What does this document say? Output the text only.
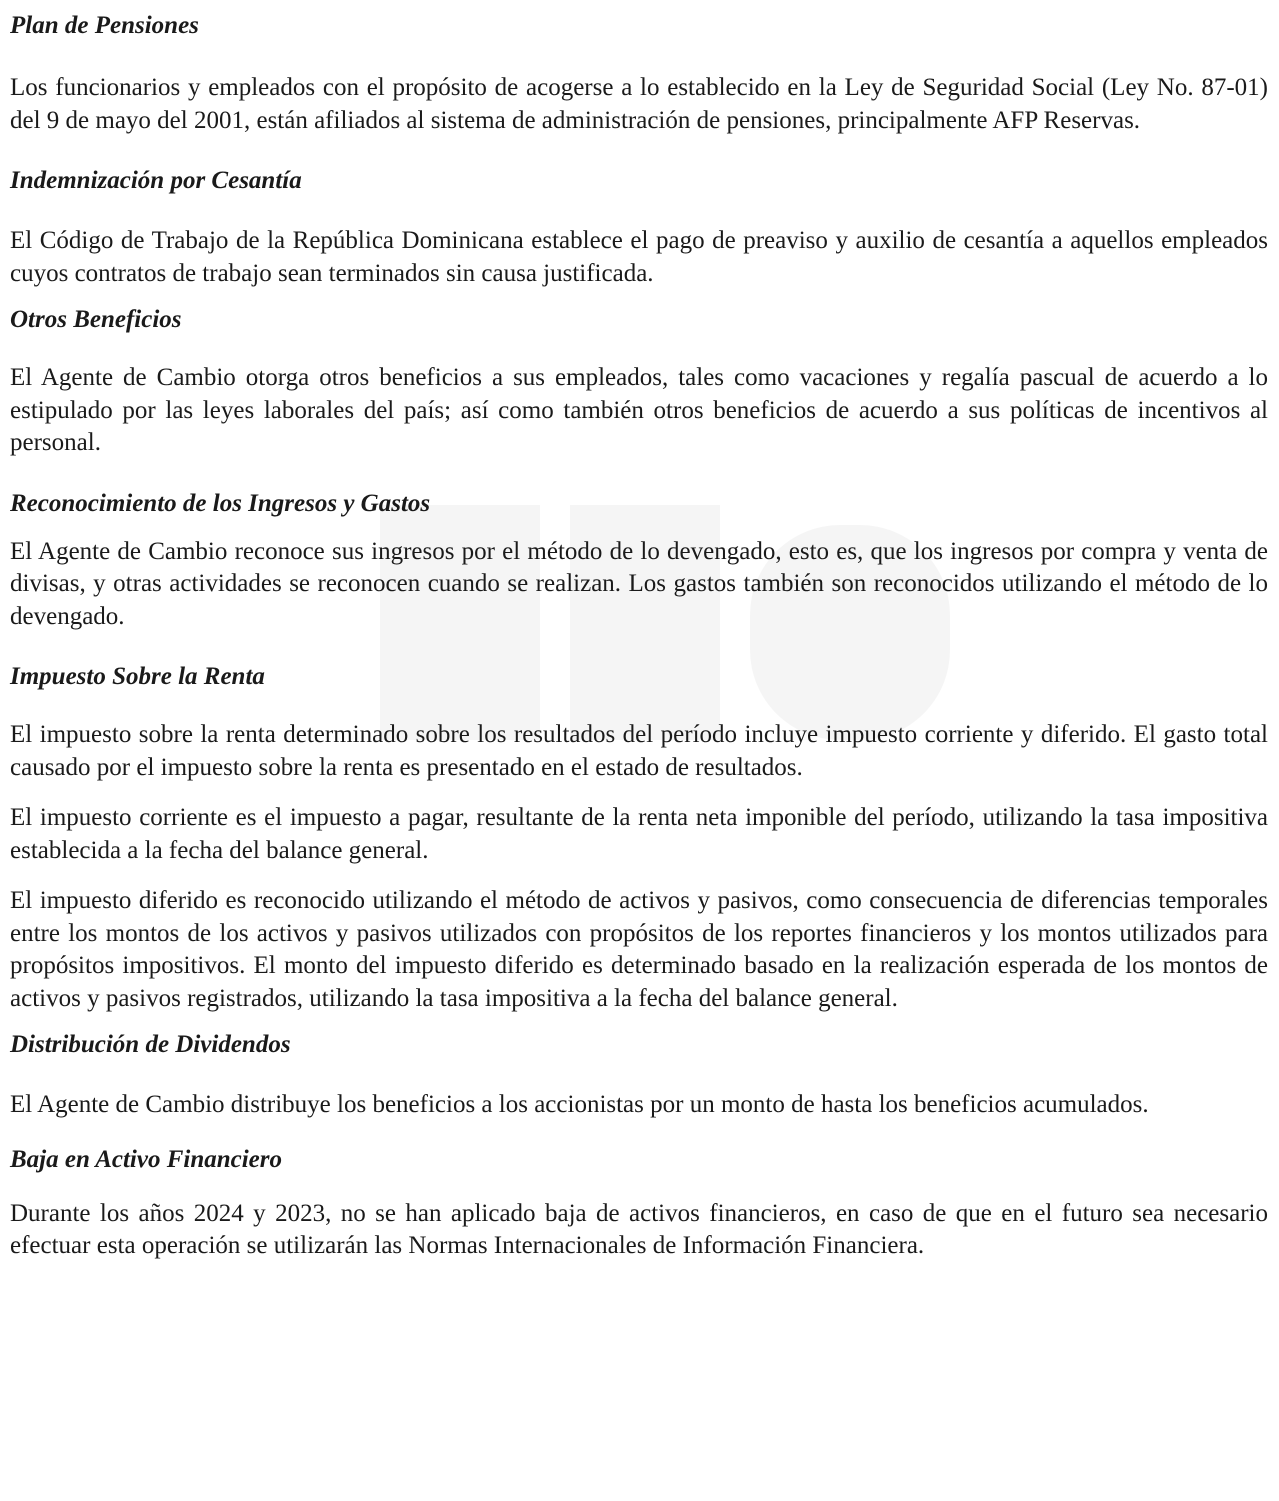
Plan de Pensiones

Los funcionarios y empleados con el propósito de acogerse a lo establecido en la Ley de Seguridad Social (Ley No. 87-01) del 9 de mayo del 2001, están afiliados al sistema de administración de pensiones, principalmente AFP Reservas.

Indemnización por Cesantía

El Código de Trabajo de la República Dominicana establece el pago de preaviso y auxilio de cesantía a aquellos empleados cuyos contratos de trabajo sean terminados sin causa justificada.

Otros Beneficios

El Agente de Cambio otorga otros beneficios a sus empleados, tales como vacaciones y regalía pascual de acuerdo a lo estipulado por las leyes laborales del país; así como también otros beneficios de acuerdo a sus políticas de incentivos al personal.

Reconocimiento de los Ingresos y Gastos

El Agente de Cambio reconoce sus ingresos por el método de lo devengado, esto es, que los ingresos por compra y venta de divisas, y otras actividades se reconocen cuando se realizan. Los gastos también son reconocidos utilizando el método de lo devengado.

Impuesto Sobre la Renta

El impuesto sobre la renta determinado sobre los resultados del período incluye impuesto corriente y diferido. El gasto total causado por el impuesto sobre la renta es presentado en el estado de resultados.

El impuesto corriente es el impuesto a pagar, resultante de la renta neta imponible del período, utilizando la tasa impositiva establecida a la fecha del balance general.

El impuesto diferido es reconocido utilizando el método de activos y pasivos, como consecuencia de diferencias temporales entre los montos de los activos y pasivos utilizados con propósitos de los reportes financieros y los montos utilizados para propósitos impositivos. El monto del impuesto diferido es determinado basado en la realización esperada de los montos de activos y pasivos registrados, utilizando la tasa impositiva a la fecha del balance general.

Distribución de Dividendos

El Agente de Cambio distribuye los beneficios a los accionistas por un monto de hasta los beneficios acumulados.

Baja en Activo Financiero

Durante los años 2024 y 2023, no se han aplicado baja de activos financieros, en caso de que en el futuro sea necesario efectuar esta operación se utilizarán las Normas Internacionales de Información Financiera.
